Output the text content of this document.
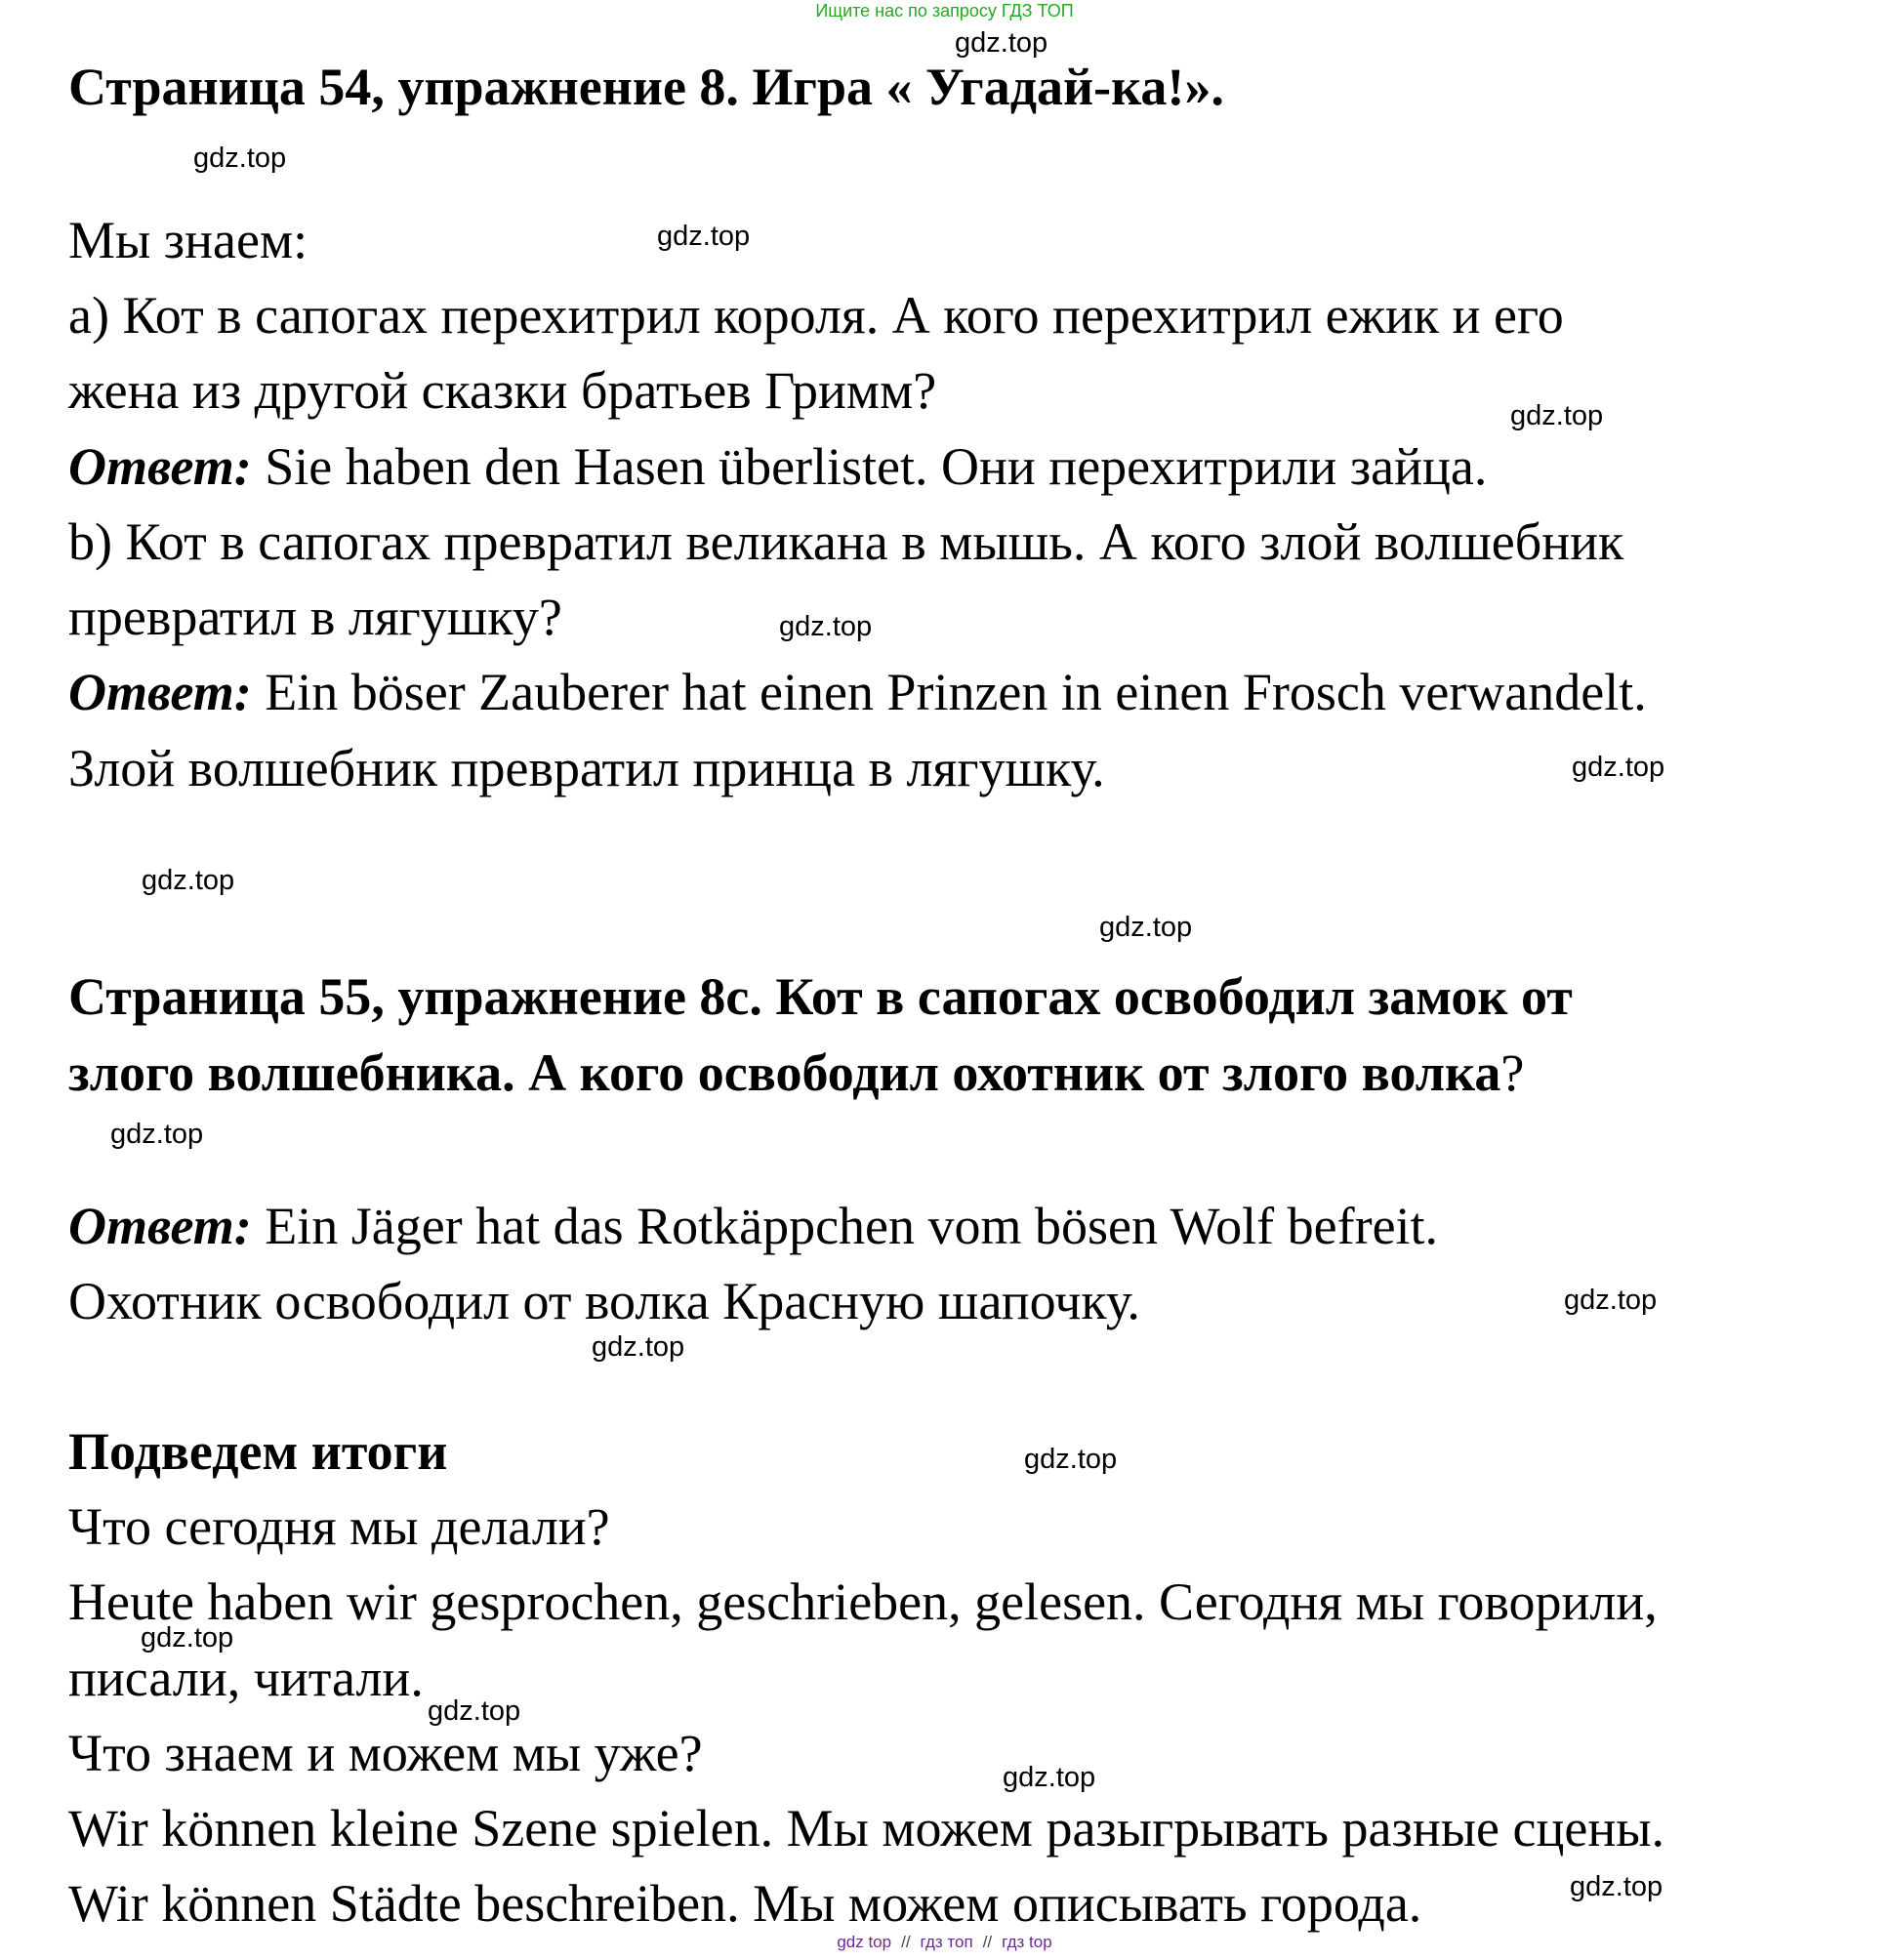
Ищите нас по запросу ГДЗ ТОП
Страница 54, упражнение 8. Игра « Угадай-ка!».
Мы знаем:
а) Кот в сапогах перехитрил короля. А кого перехитрил ежик и его
жена из другой сказки братьев Гримм?
Ответ: Sie haben den Hasen überlistet. Они перехитрили зайца.
b) Кот в сапогах превратил великана в мышь. А кого злой волшебник
превратил в лягушку?
Ответ: Ein böser Zauberer hat einen Prinzen in einen Frosch verwandelt.
Злой волшебник превратил принца в лягушку.
Страница 55, упражнение 8с. Кот в сапогах освободил замок от
злого волшебника. А кого освободил охотник от злого волка?
Ответ: Ein Jäger hat das Rotkäppchen vom bösen Wolf befreit.
Охотник освободил от волка Красную шапочку.
Подведем итоги
Что сегодня мы делали?
Heute haben wir gesprochen, geschrieben, gelesen. Сегодня мы говорили,
писали, читали.
Что знаем и можем мы уже?
Wir können kleine Szene spielen. Мы можем разыгрывать разные сцены.
Wir können Städte beschreiben. Мы можем описывать города.
gdz.top
gdz.top
gdz.top
gdz.top
gdz.top
gdz.top
gdz.top
gdz.top
gdz.top
gdz.top
gdz.top
gdz.top
gdz.top
gdz.top
gdz.top
gdz.top
gdz top // гдз топ // гдз top
